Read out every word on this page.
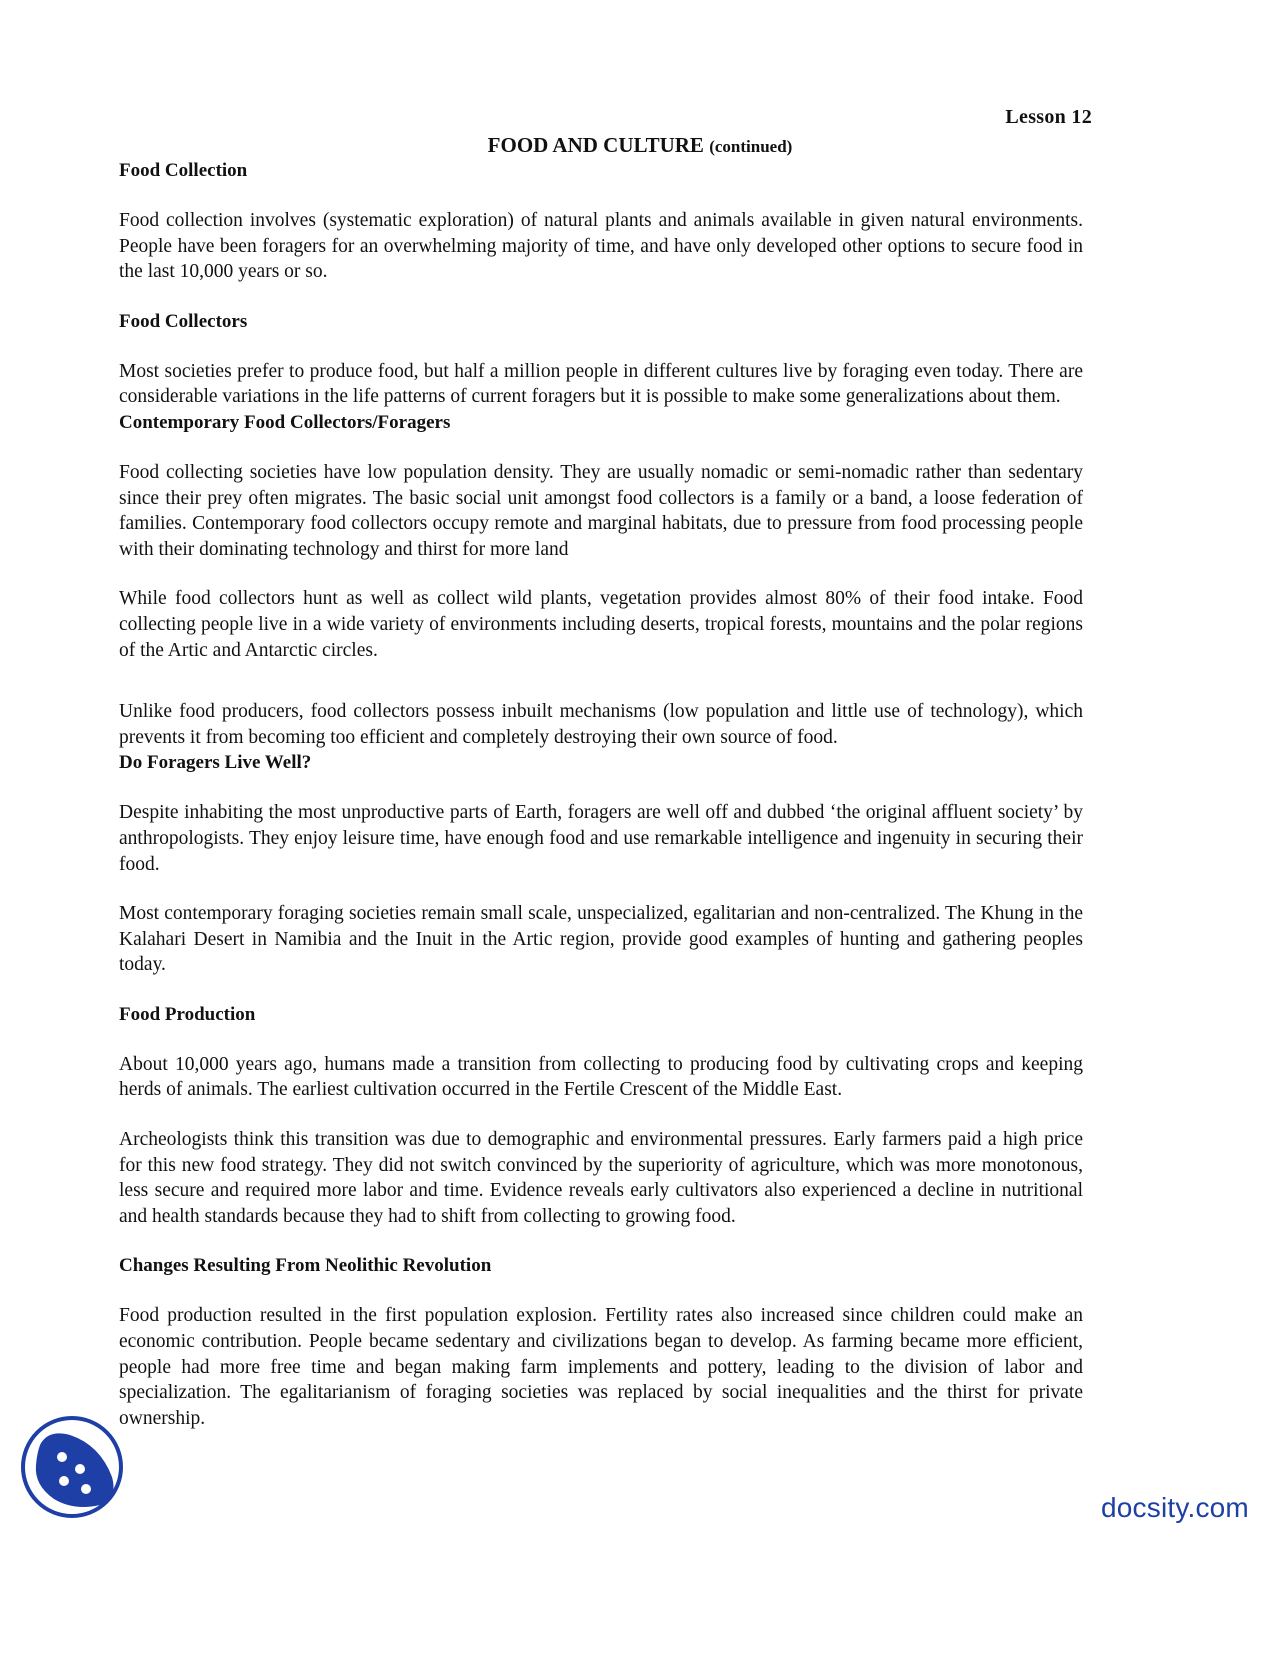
Lesson 12
FOOD AND CULTURE (continued)

Food Collection

Food collection involves (systematic exploration) of natural plants and animals available in given natural environments. People have been foragers for an overwhelming majority of time, and have only developed other options to secure food in the last 10,000 years or so.

Food Collectors

Most societies prefer to produce food, but half a million people in different cultures live by foraging even today. There are considerable variations in the life patterns of current foragers but it is possible to make some generalizations about them.

Contemporary Food Collectors/Foragers

Food collecting societies have low population density. They are usually nomadic or semi-nomadic rather than sedentary since their prey often migrates. The basic social unit amongst food collectors is a family or a band, a loose federation of families. Contemporary food collectors occupy remote and marginal habitats, due to pressure from food processing people with their dominating technology and thirst for more land

While food collectors hunt as well as collect wild plants, vegetation provides almost 80% of their food intake. Food collecting people live in a wide variety of environments including deserts, tropical forests, mountains and the polar regions of the Artic and Antarctic circles.

Unlike food producers, food collectors possess inbuilt mechanisms (low population and little use of technology), which prevents it from becoming too efficient and completely destroying their own source of food.

Do Foragers Live Well?

Despite inhabiting the most unproductive parts of Earth, foragers are well off and dubbed ‘the original affluent society’ by anthropologists. They enjoy leisure time, have enough food and use remarkable intelligence and ingenuity in securing their food.

Most contemporary foraging societies remain small scale, unspecialized, egalitarian and non-centralized. The Khung in the Kalahari Desert in Namibia and the Inuit in the Artic region, provide good examples of hunting and gathering peoples today.

Food Production

About 10,000 years ago, humans made a transition from collecting to producing food by cultivating crops and keeping herds of animals. The earliest cultivation occurred in the Fertile Crescent of the Middle East.

Archeologists think this transition was due to demographic and environmental pressures. Early farmers paid a high price for this new food strategy. They did not switch convinced by the superiority of agriculture, which was more monotonous, less secure and required more labor and time. Evidence reveals early cultivators also experienced a decline in nutritional and health standards because they had to shift from collecting to growing food.

Changes Resulting From Neolithic Revolution

Food production resulted in the first population explosion. Fertility rates also increased since children could make an economic contribution. People became sedentary and civilizations began to develop. As farming became more efficient, people had more free time and began making farm implements and pottery, leading to the division of labor and specialization. The egalitarianism of foraging societies was replaced by social inequalities and the thirst for private ownership.

docsity.com
